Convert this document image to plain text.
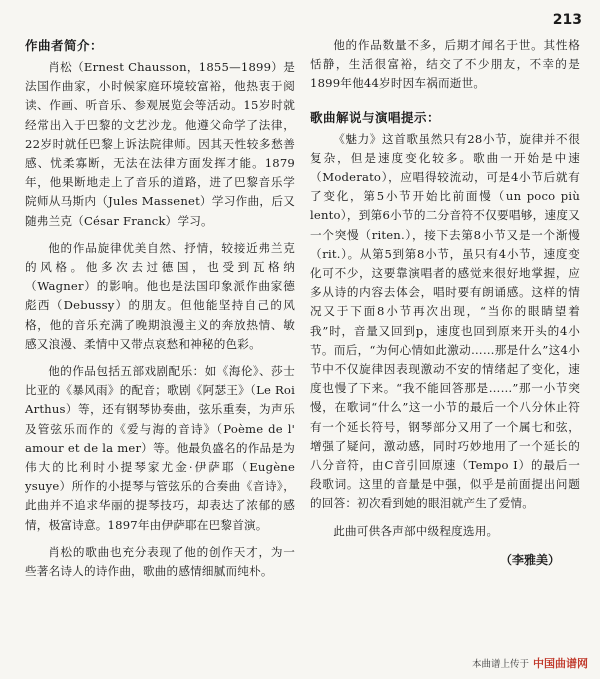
213
作曲者简介：

肖松（Ernest Chausson，1855—1899）是法国作曲家，小时候家庭环境较富裕，他热衷于阅读、作画、听音乐、参观展览会等活动。15岁时就经常出入于巴黎的文艺沙龙。他遵父命学了法律，22岁时就任巴黎上诉法院律师。因其天性较多愁善感、忧柔寡断，无法在法律方面发挥才能。1879年，他果断地走上了音乐的道路，进了巴黎音乐学院师从马斯内（Jules Massenet）学习作曲，后又随弗兰克（César Franck）学习。

他的作品旋律优美自然、抒情，较接近弗兰克的风格。他多次去过德国，也受到瓦格纳（Wagner）的影响。他也是法国印象派作曲家德彪西（Debussy）的朋友。但他能坚持自己的风格，他的音乐充满了晚期浪漫主义的奔放热情、敏感又浪漫、柔情中又带点哀愁和神秘的色彩。

他的作品包括五部戏剧配乐：如《海伦》、莎士比亚的《暴风雨》的配音；歌剧《阿瑟王》（Le Roi Arthus）等，还有钢琴协奏曲，弦乐重奏，为声乐及管弦乐而作的《爱与海的音诗》（Poème de l' amour et de la mer）等。他最负盛名的作品是为伟大的比利时小提琴家尤金·伊萨耶（Eugène ysuye）所作的小提琴与管弦乐的合奏曲《音诗》，此曲并不追求华丽的提琴技巧，却表达了浓郁的感情，极富诗意。1897年由伊萨耶在巴黎首演。

肖松的歌曲也充分表现了他的创作天才，为一些著名诗人的诗作曲，歌曲的感情细腻而纯朴。

他的作品数量不多，后期才闻名于世。其性格恬静，生活很富裕，结交了不少朋友，不幸的是1899年他44岁时因车祸而逝世。

歌曲解说与演唱提示：

《魅力》这首歌虽然只有28小节，旋律并不很复杂，但是速度变化较多。歌曲一开始是中速（Moderato），应唱得较流动，可是4小节后就有了变化，第5小节开始比前面慢（un poco più lento），到第6小节的二分音符不仅要唱够，速度又一个突慢（riten.），接下去第8小节又是一个渐慢（rit.）。从第5到第8小节，虽只有4小节，速度变化可不少，这要靠演唱者的感觉来很好地掌握，应多从诗的内容去体会，唱时要有朗诵感。这样的情况又于下面8小节再次出现，“当你的眼睛望着我”时，音量又回到p，速度也回到原来开头的4小节。而后，“为何心情如此激动……那是什么”这4小节中不仅旋律因表现激动不安的情绪起了变化，速度也慢了下来。“我不能回答那是……”那一小节突慢，在歌词“什么”这一小节的最后一个八分休止符有一个延长符号，钢琴部分又用了一个属七和弦，增强了疑问，激动感，同时巧妙地用了一个延长的八分音符，由C音引回原速（Tempo Ⅰ）的最后一段歌词。这里的音量是中强，似乎是前面提出问题的回答：初次看到她的眼泪就产生了爱情。

此曲可供各声部中级程度选用。

（李雅美）
本曲谱上传于 中国曲谱网
